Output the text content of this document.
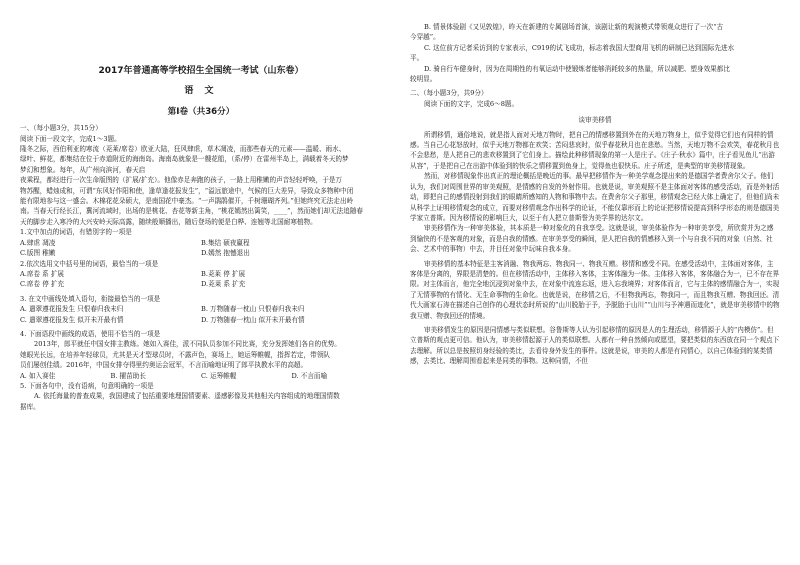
2017年普通高等学校招生全国统一考试（山东卷）
语 文
第Ⅰ卷（共36分）
一、（每小题3分，共15分）
阅读下面一段文字，完成1～3题。
隆冬之际，西伯利亚的寒流（茺莱/席卷）欧亚大陆，狂风肆虐，草木凋凌，而那些春天的元素——温暖、雨水、
绿叶、鲜花，都集结在位于赤道附近的海南岛。海南岛就象是一艘花船，（系/停）在雷州半岛上，满载着冬天的梦
梦幻和想象。每年，从广州向滨河，春天启
夜乘程，都经进行一次生命版图的（扩展/扩充）。他像赤足奔跑的孩子，一路上用稚嫩的声音轻轻呼唤，于是万
物苏醒，蜡烛成和，可谓“东风好作阳和使，逢草逢花报发生”，“溢远旅途中，气候的巨大差异，导致众多物种中闭
能有限地参与这一盛会。木棉花花朵硕大，是南国花中豪杰。“一声鹃鹃催开，千树珊瑚齐列。”但她终究无法走出岭
南。当春天行经长江，冀河流域时，出场的是桃花、杏花等新主角，“桃花嫣然出篱笑，____”，然而她们却无法追随春
天的脚步走入寒冷的大兴安岭天际高露，随续般顺播出，随后登场的便是白桦、连翘等北国耐寒植物。
1.文中加点的词语，有错别字的一项是
A.肆虐 凋凌	B.集结 硕夜羸程
C.版图 稚嫩	D.嫣然 抱憾退出
2.依次选用文中括号里的词语，最恰当的一项是
A.席卷 系 扩展	B.茺莱 停 扩展
C.席卷 停 扩充	D.茺莱 系 扩充
3. 在文中画线处填入语句，衔接最恰当的一项是
A. 遣翠遵花报发生 只恨春归我未归	B. 万物随春一枕山 只恨春归我未归
C. 遣翠遵花报发生 似开未开最有情	D. 万物随春一枕山 似开未开最有情
4. 下面语段中画线的成语，使用不恰当的一项是
2013年，郎平就任中国女排主教练。她如入赛佳，派不同队员参加不同比赛，充分发挥她们各自的优势。
她眼光长远，在培养年轻球员，尤其是天才型球员时，不露声色，赛场上，她运筹帷幄，指挥若定，带领队
员们屡创佳绩。2016年，中国女排夺得里约奥运会冠军，不言而喻地证明了郎平执教水平的高超。
A. 如入赛佳	B. 擢苗助长	C. 运筹帷幄	D. 不言而喻
5. 下面各句中，没有语病，句意明确的一项是
A. 依托海量的普查成果，我国建成了包括重要地理国情要素、遥感影像及其他相关内容组成的地理国情数
据库。
B. 情景体验剧《又见敦煌》，昨天在新建的专属剧场首演，该剧让新的观演模式带领观众进行了一次“古
今穿越”。
C. 这位前方记者采访到的专家表示，C919的试飞成功，标志着我国大型商用飞机的研制已达到国际先进水
平。
D. 骑自行车健身时，因为在周期性的有氧运动中使锻炼者能够消耗较多的热量，所以减肥、塑身效果都比
较明显。
二、（每小题3分，共9分）
阅读下面的文字，完成6～8题。
谈审美移情
所谓移情，通俗地说，就是指人面对天地万物时，把自己的情感移置到外在的天地万物身上，似乎觉得它们也有同样的情感。当自己心花怒放时，似乎天地万物都在欢笑；苦闷悲哀时，似乎春花秋月也在悲愁。当然，天地万物不会欢笑，春花秋月也不会悲愁，是人把自己的悲欢移置到了它们身上。描绘此种移情现象的第一人是庄子。《庄子·秋水》篇中，庄子看见鱼儿“出游从容”，于是把自己在出游中体验到的快乐之情移置到鱼身上，觉得鱼也很快乐。庄子所述，是典型的审美移情现象。
然而，对移情现象作出真正的理论概括是晚近的事。最早把移情作为一种美学观念提出来的是德国学者费舍尔父子。他们认为，我们对周围世界的审美观照，是情感的自发的外射作用。也就是说，审美观照不是主体面对客体的感受活动，而是外射活动，即把自己的感情投射到我们的眼睛所感知的人物和事物中去。在费舍尔父子那里，移情观念已经大体上确定了，但他们尚未从科学上证明移情观念的成立，而要对移情观念作出科学的论证，不能仅靠形而上的论证把移情说提高到科学形态的则是德国美学家立普斯。因为移情说的影响巨大，以至于有人把立普斯誉为美学界的达尔文。
审美移情作为一种审美体验，其本质是一种对象化的自我享受。这就是说，审美体验作为一种审美享受，所欣赏并为之感到愉快的不是客观的对象，而是自我的情感。在审美享受的瞬间，是人把自我的情感移入到一个与自我不同的对象（自然、社会、艺术中的事物）中去，并目任对象中玩味自我本身。
审美移情的基本特征是主客消融、物我两忘、物我同一、物我互赠。移情和感受不同。在感受活动中，主体面对客体，主客体是分离的，界限是清楚的。但在移情活动中，主体移入客体，主客体融为一体。主体移入客体，客体融合为一，已不存在界限。对主体而言，他完全地沉浸到对象中去，在对象中流连忘返，进入忘我境界；对客体而言，它与主体的感情融合为一，实现了无情事物的有情化、无生命事物的生命化。也就是说，在移情之后，不但物我两忘，物我同一，而且物我互赠、物我回还。清代大画家石涛在描述自己创作的心理状态时所说的“山川脱胎于予，予脱胎于山川”“山川与予神遇而迹化”，就是审美移情中的物我互赠、物我回还的情境。
审美移情发生的原因是同情感与类似联想。谷鲁斯等人认为引起移情的原因是人的生理活动，移情源于人的“内模仿”。但立普斯的观点更可信。他认为，审美移情起源于人的类似联想。人都有一种自然倾向或愿望，要把类似的东西放在同一个观点下去理解。所以总是按照切身经验的类比，去看待身外发生的事件。这就是说，审美的人都是有同情心，以自己体验到的某类情感，去类比、理解周围看起来是同类的事物。这种同情，不但
